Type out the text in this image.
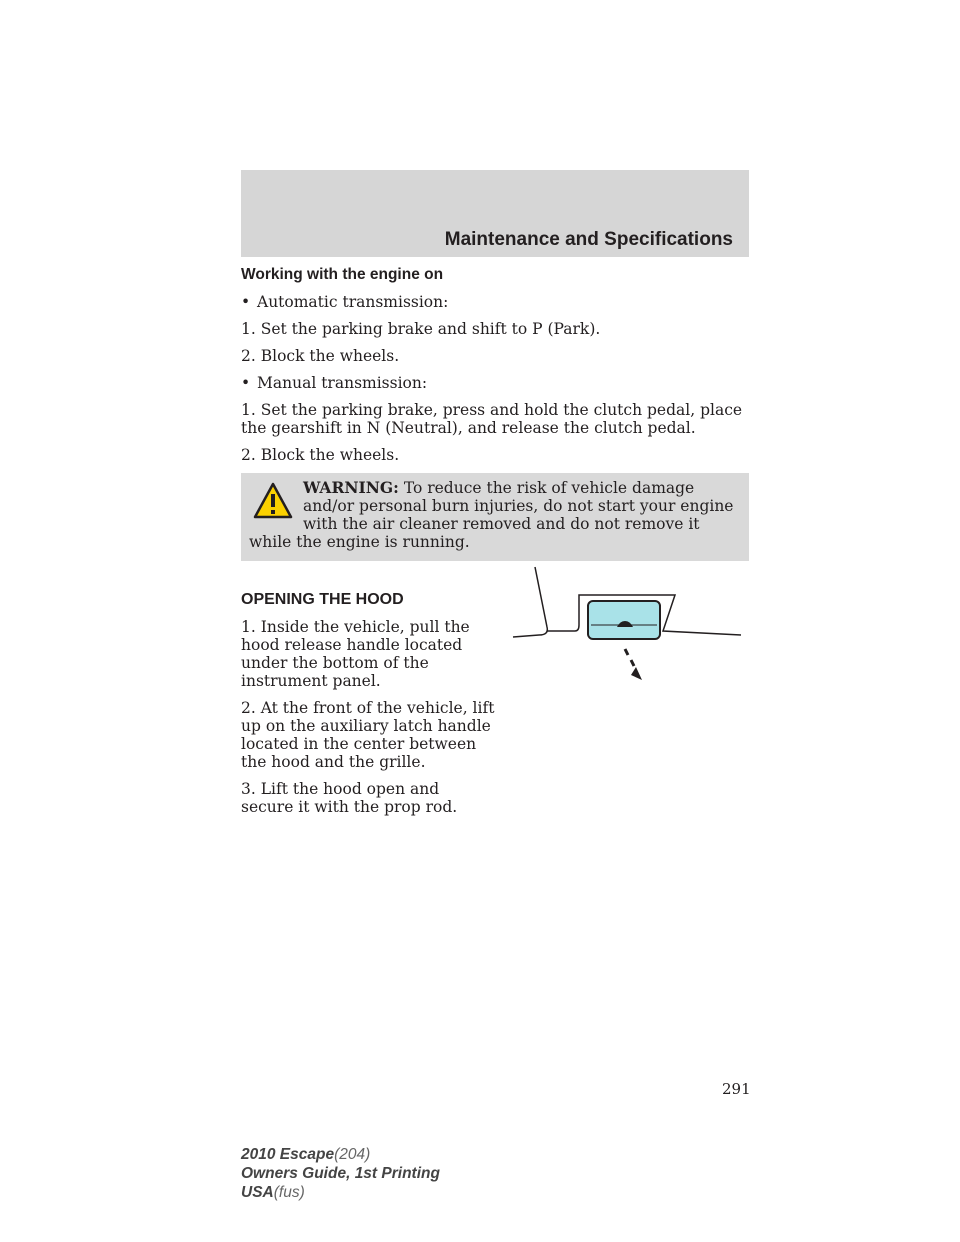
Maintenance and Specifications
Working with the engine on
• Automatic transmission:

1. Set the parking brake and shift to P (Park).

2. Block the wheels.

• Manual transmission:

1. Set the parking brake, press and hold the clutch pedal, place the gearshift in N (Neutral), and release the clutch pedal.

2. Block the wheels.

WARNING: To reduce the risk of vehicle damage and/or personal burn injuries, do not start your engine with the air cleaner removed and do not remove it while the engine is running.
OPENING THE HOOD

1. Inside the vehicle, pull the hood release handle located under the bottom of the instrument panel.

2. At the front of the vehicle, lift up on the auxiliary latch handle located in the center between the hood and the grille.

3. Lift the hood open and secure it with the prop rod.

291
2010 Escape(204)
Owners Guide, 1st Printing
USA(fus)
